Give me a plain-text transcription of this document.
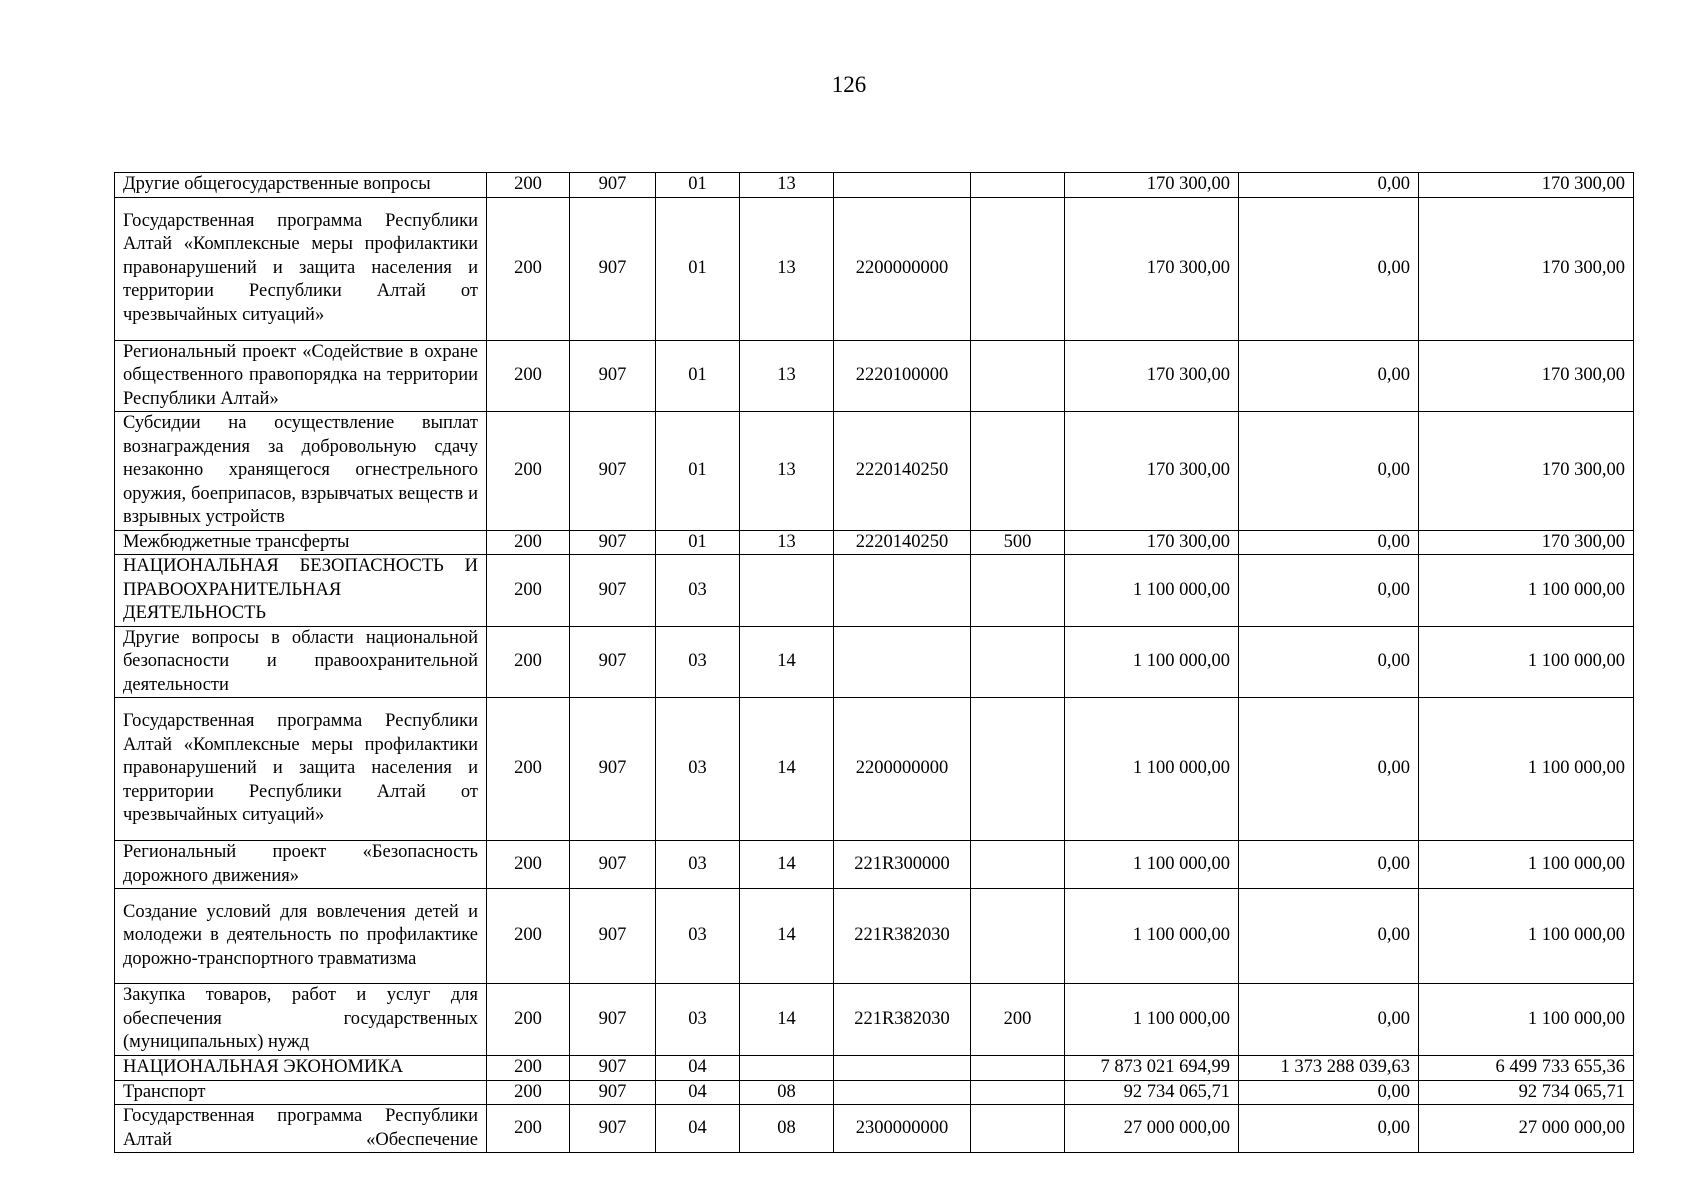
126
Другие общегосударственные вопросы	200	907	01	13			170 300,00	0,00	170 300,00
Государственная программа Республики Алтай «Комплексные меры профилактики правонарушений и защита населения и территории Республики Алтай от чрезвычайных ситуаций»	200	907	01	13	2200000000		170 300,00	0,00	170 300,00
Региональный проект «Содействие в охране общественного правопорядка на территории Республики Алтай»	200	907	01	13	2220100000		170 300,00	0,00	170 300,00
Субсидии на осуществление выплат вознаграждения за добровольную сдачу незаконно хранящегося огнестрельного оружия, боеприпасов, взрывчатых веществ и взрывных устройств	200	907	01	13	2220140250		170 300,00	0,00	170 300,00
Межбюджетные трансферты	200	907	01	13	2220140250	500	170 300,00	0,00	170 300,00
НАЦИОНАЛЬНАЯ БЕЗОПАСНОСТЬ И ПРАВООХРАНИТЕЛЬНАЯ ДЕЯТЕЛЬНОСТЬ	200	907	03				1 100 000,00	0,00	1 100 000,00
Другие вопросы в области национальной безопасности и правоохранительной деятельности	200	907	03	14			1 100 000,00	0,00	1 100 000,00
Государственная программа Республики Алтай «Комплексные меры профилактики правонарушений и защита населения и территории Республики Алтай от чрезвычайных ситуаций»	200	907	03	14	2200000000		1 100 000,00	0,00	1 100 000,00
Региональный проект «Безопасность дорожного движения»	200	907	03	14	221R300000		1 100 000,00	0,00	1 100 000,00
Создание условий для вовлечения детей и молодежи в деятельность по профилактике дорожно-транспортного травматизма	200	907	03	14	221R382030		1 100 000,00	0,00	1 100 000,00
Закупка товаров, работ и услуг для обеспечения государственных (муниципальных) нужд	200	907	03	14	221R382030	200	1 100 000,00	0,00	1 100 000,00
НАЦИОНАЛЬНАЯ ЭКОНОМИКА	200	907	04				7 873 021 694,99	1 373 288 039,63	6 499 733 655,36
Транспорт	200	907	04	08			92 734 065,71	0,00	92 734 065,71
Государственная программа Республики Алтай «Обеспечение	200	907	04	08	2300000000		27 000 000,00	0,00	27 000 000,00
